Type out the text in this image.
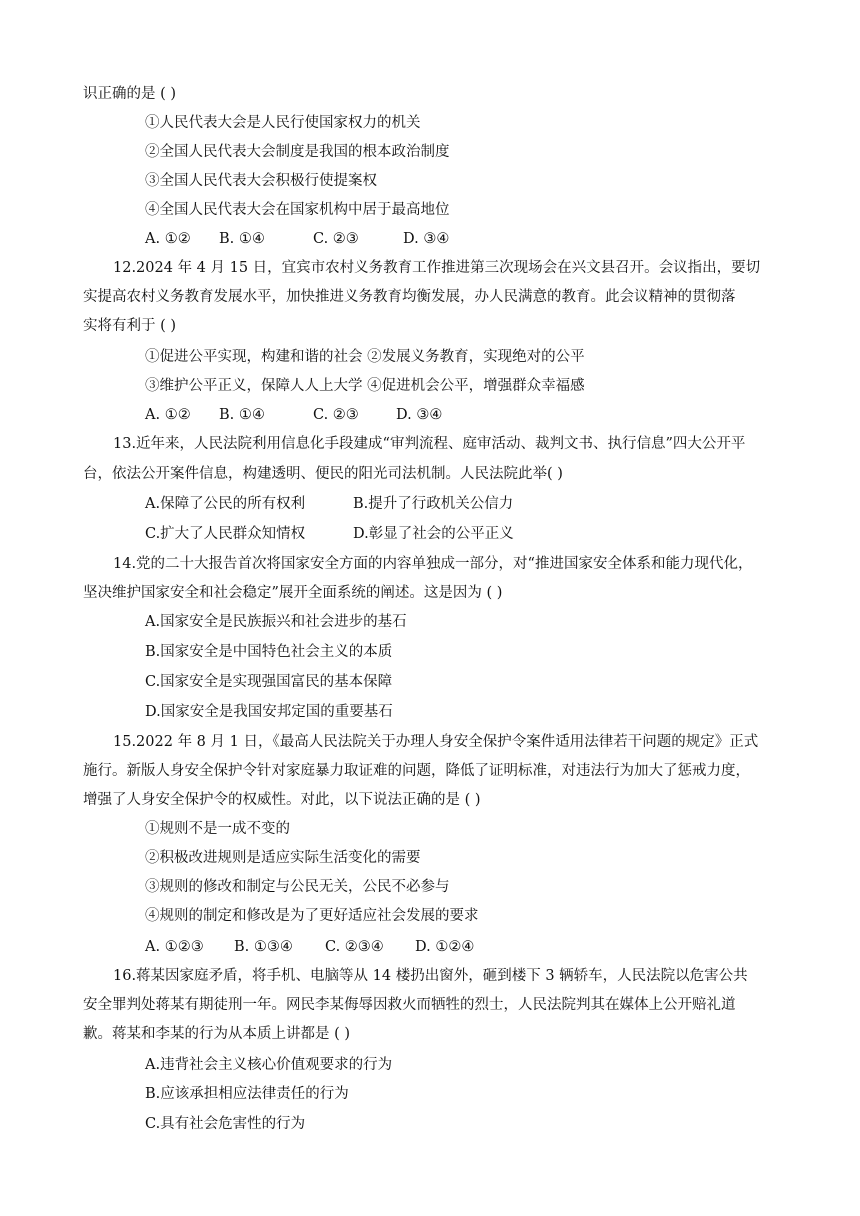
识正确的是 ( )
①人民代表大会是人民行使国家权力的机关
②全国人民代表大会制度是我国的根本政治制度
③全国人民代表大会积极行使提案权
④全国人民代表大会在国家机构中居于最高地位
A. ①② B. ①④	C. ②③	D. ③④
12.2024 年 4 月 15 日，宜宾市农村义务教育工作推进第三次现场会在兴文县召开。会议指出，要切
实提高农村义务教育发展水平，加快推进义务教育均衡发展，办人民满意的教育。此会议精神的贯彻落
实将有利于 ( )
①促进公平实现，构建和谐的社会 ②发展义务教育，实现绝对的公平
③维护公平正义，保障人人上大学 ④促进机会公平，增强群众幸福感
A. ①② B. ①④	C. ②③	D. ③④
13.近年来，人民法院利用信息化手段建成“审判流程、庭审活动、裁判文书、执行信息”四大公开平
台，依法公开案件信息，构建透明、便民的阳光司法机制。人民法院此举( )
A.保障了公民的所有权利	B.提升了行政机关公信力
C.扩大了人民群众知情权	D.彰显了社会的公平正义
14.党的二十大报告首次将国家安全方面的内容单独成一部分，对“推进国家安全体系和能力现代化，
坚决维护国家安全和社会稳定”展开全面系统的阐述。这是因为 ( )
A.国家安全是民族振兴和社会进步的基石
B.国家安全是中国特色社会主义的本质
C.国家安全是实现强国富民的基本保障
D.国家安全是我国安邦定国的重要基石
15.2022 年 8 月 1 日，《最高人民法院关于办理人身安全保护令案件适用法律若干问题的规定》正式
施行。新版人身安全保护令针对家庭暴力取证难的问题，降低了证明标准，对违法行为加大了惩戒力度，
增强了人身安全保护令的权威性。对此，以下说法正确的是 ( )
①规则不是一成不变的
②积极改进规则是适应实际生活变化的需要
③规则的修改和制定与公民无关，公民不必参与
④规则的制定和修改是为了更好适应社会发展的要求
A. ①②③ B. ①③④ C. ②③④ D. ①②④
16.蒋某因家庭矛盾，将手机、电脑等从 14 楼扔出窗外，砸到楼下 3 辆轿车，人民法院以危害公共
安全罪判处蒋某有期徒刑一年。网民李某侮辱因救火而牺牲的烈士，人民法院判其在媒体上公开赔礼道
歉。蒋某和李某的行为从本质上讲都是 ( )
A.违背社会主义核心价值观要求的行为
B.应该承担相应法律责任的行为
C.具有社会危害性的行为
